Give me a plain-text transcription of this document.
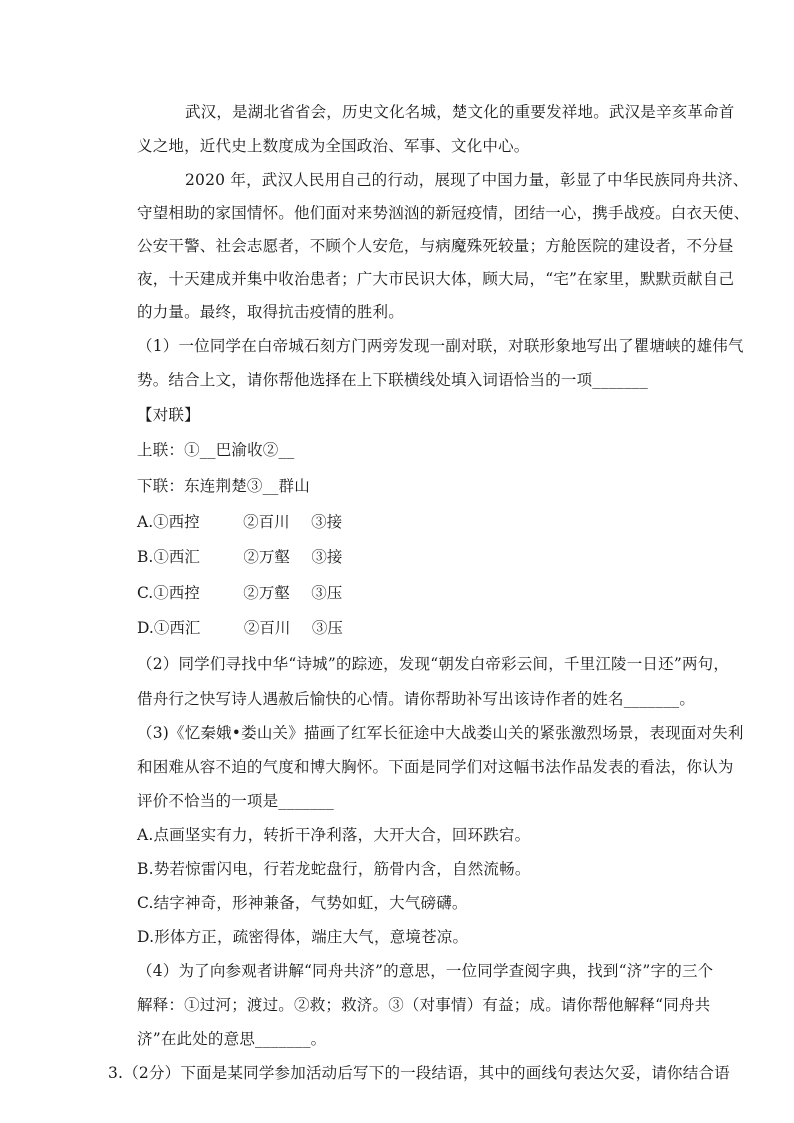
武汉，是湖北省省会，历史文化名城，楚文化的重要发祥地。武汉是辛亥革命首
义之地，近代史上数度成为全国政治、军事、文化中心。
2020 年，武汉人民用自己的行动，展现了中国力量，彰显了中华民族同舟共济、
守望相助的家国情怀。他们面对来势汹汹的新冠疫情，团结一心，携手战疫。白衣天使、
公安干警、社会志愿者，不顾个人安危，与病魔殊死较量；方舱医院的建设者，不分昼
夜，十天建成并集中收治患者；广大市民识大体，顾大局，“宅”在家里，默默贡献自己
的力量。最终，取得抗击疫情的胜利。
（1）一位同学在白帝城石刻方门两旁发现一副对联，对联形象地写出了瞿塘峡的雄伟气
势。结合上文，请你帮他选择在上下联横线处填入词语恰当的一项_______
【对联】
上联：①__巴渝收②__
下联：东连荆楚③__群山
A.①西控	②百川 ③接
B.①西汇	②万壑 ③接
C.①西控	②万壑 ③压
D.①西汇	②百川 ③压
（2）同学们寻找中华“诗城”的踪迹，发现“朝发白帝彩云间，千里江陵一日还”两句，
借舟行之快写诗人遇赦后愉快的心情。请你帮助补写出该诗作者的姓名_______。
（3)《忆秦娥•娄山关》描画了红军长征途中大战娄山关的紧张激烈场景，表现面对失利
和困难从容不迫的气度和博大胸怀。下面是同学们对这幅书法作品发表的看法，你认为
评价不恰当的一项是_______
A.点画坚实有力，转折干净利落，大开大合，回环跌宕。
B.势若惊雷闪电，行若龙蛇盘行，筋骨内含，自然流畅。
C.结字神奇，形神兼备，气势如虹，大气磅礴。
D.形体方正，疏密得体，端庄大气，意境苍凉。
（4）为了向参观者讲解“同舟共济”的意思，一位同学查阅字典，找到“济”字的三个
解释：①过河；渡过。②救；救济。③（对事情）有益；成。请你帮他解释“同舟共
济”在此处的意思_______。
3.（2分）下面是某同学参加活动后写下的一段结语，其中的画线句表达欠妥，请你结合语
